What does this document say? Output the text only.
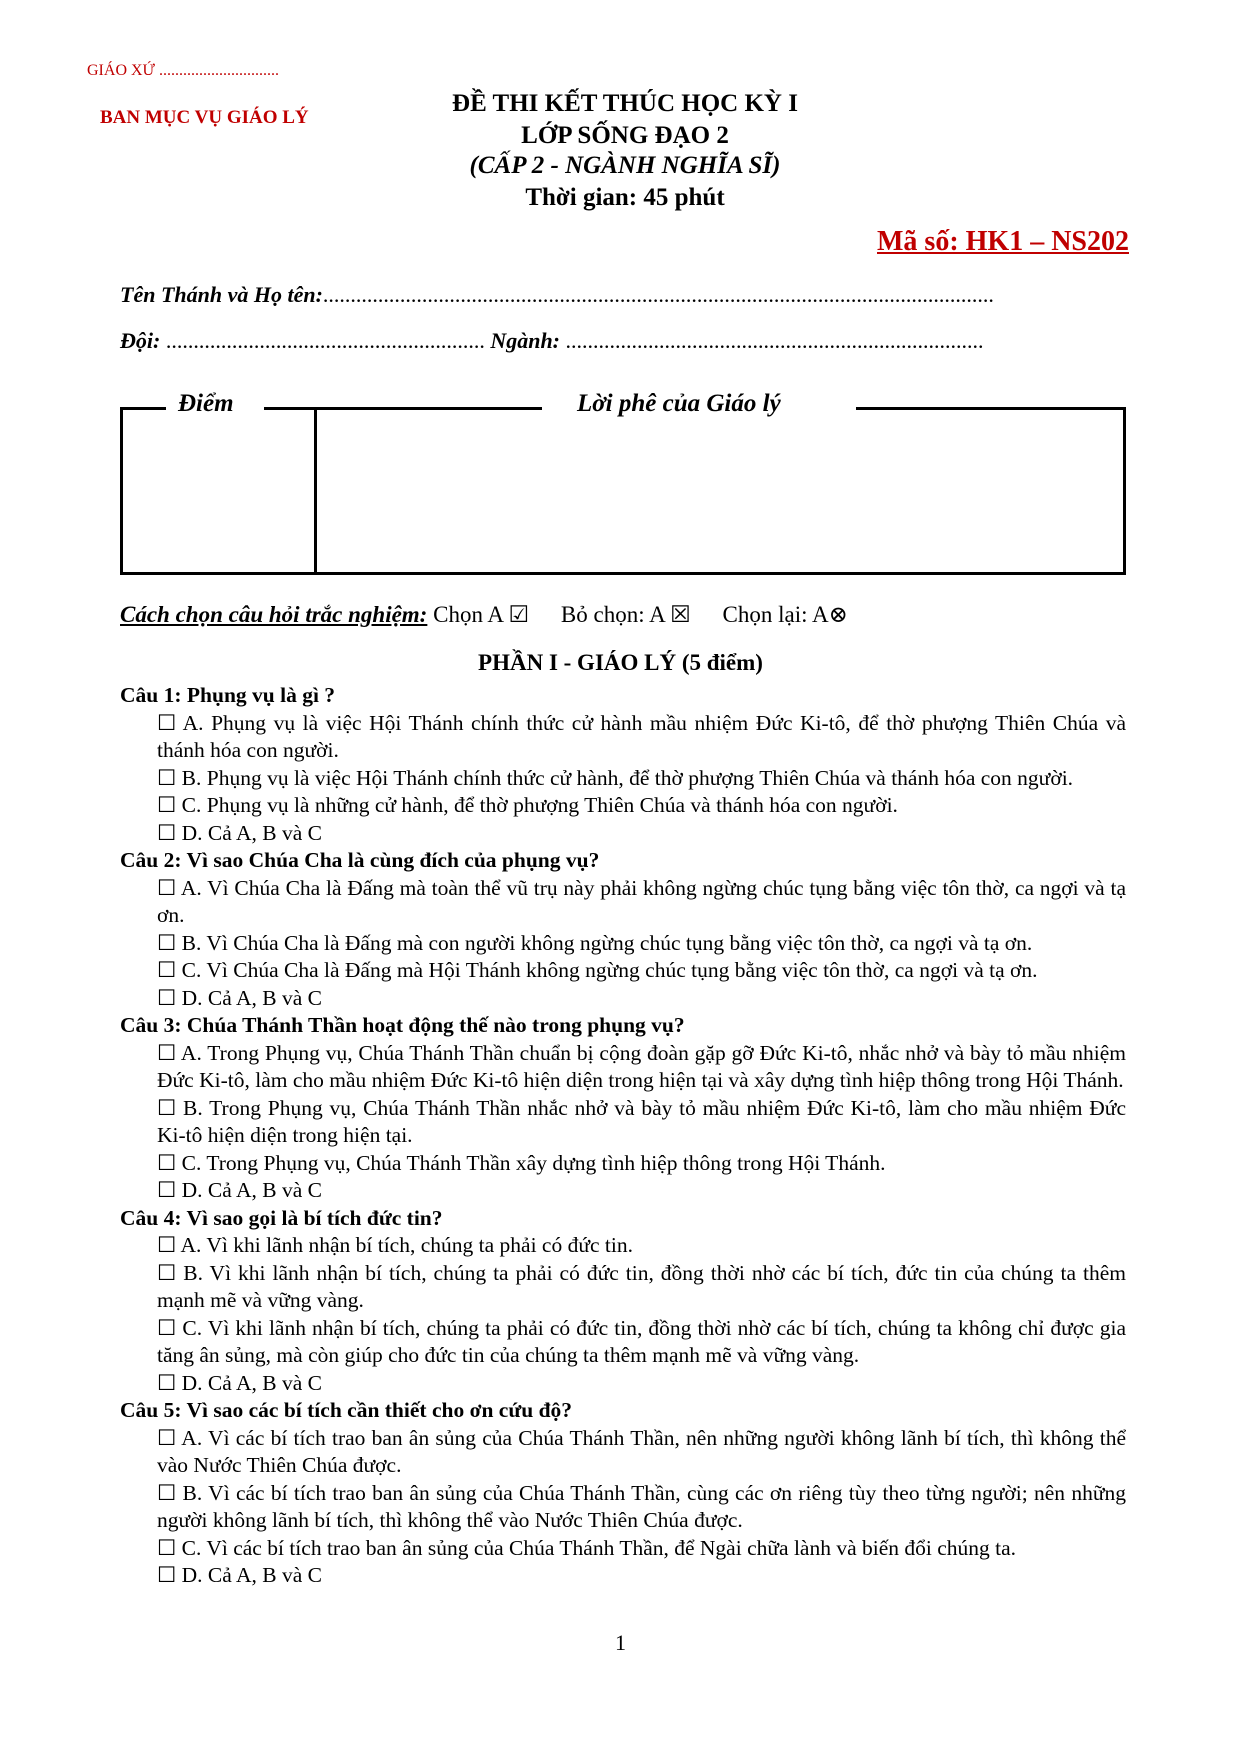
GIÁO XỨ ..............................
BAN MỤC VỤ GIÁO LÝ
ĐỀ THI KẾT THÚC HỌC KỲ I
LỚP SỐNG ĐẠO 2
(CẤP 2 - NGÀNH NGHĨA SĨ)
Thời gian: 45 phút
Mã số: HK1 – NS202
Tên Thánh và Họ tên:..........................................................................................................................
Đội: .......................................................... Ngành: ............................................................................
Điểm	Lời phê của Giáo lý
Cách chọn câu hỏi trắc nghiệm: Chọn A ☑ Bỏ chọn: A ☒ Chọn lại: A⊗
PHẦN I - GIÁO LÝ (5 điểm)
Câu 1: Phụng vụ là gì ?
☐ A. Phụng vụ là việc Hội Thánh chính thức cử hành mầu nhiệm Đức Ki-tô, để thờ phượng Thiên Chúa và thánh hóa con người.
☐ B. Phụng vụ là việc Hội Thánh chính thức cử hành, để thờ phượng Thiên Chúa và thánh hóa con người.
☐ C. Phụng vụ là những cử hành, để thờ phượng Thiên Chúa và thánh hóa con người.
☐ D. Cả A, B và C
Câu 2: Vì sao Chúa Cha là cùng đích của phụng vụ?
☐ A. Vì Chúa Cha là Đấng mà toàn thể vũ trụ này phải không ngừng chúc tụng bằng việc tôn thờ, ca ngợi và tạ ơn.
☐ B. Vì Chúa Cha là Đấng mà con người không ngừng chúc tụng bằng việc tôn thờ, ca ngợi và tạ ơn.
☐ C. Vì Chúa Cha là Đấng mà Hội Thánh không ngừng chúc tụng bằng việc tôn thờ, ca ngợi và tạ ơn.
☐ D. Cả A, B và C
Câu 3: Chúa Thánh Thần hoạt động thế nào trong phụng vụ?
☐ A. Trong Phụng vụ, Chúa Thánh Thần chuẩn bị cộng đoàn gặp gỡ Đức Ki-tô, nhắc nhở và bày tỏ mầu nhiệm Đức Ki-tô, làm cho mầu nhiệm Đức Ki-tô hiện diện trong hiện tại và xây dựng tình hiệp thông trong Hội Thánh.
☐ B. Trong Phụng vụ, Chúa Thánh Thần nhắc nhở và bày tỏ mầu nhiệm Đức Ki-tô, làm cho mầu nhiệm Đức Ki-tô hiện diện trong hiện tại.
☐ C. Trong Phụng vụ, Chúa Thánh Thần xây dựng tình hiệp thông trong Hội Thánh.
☐ D. Cả A, B và C
Câu 4: Vì sao gọi là bí tích đức tin?
☐ A. Vì khi lãnh nhận bí tích, chúng ta phải có đức tin.
☐ B. Vì khi lãnh nhận bí tích, chúng ta phải có đức tin, đồng thời nhờ các bí tích, đức tin của chúng ta thêm mạnh mẽ và vững vàng.
☐ C. Vì khi lãnh nhận bí tích, chúng ta phải có đức tin, đồng thời nhờ các bí tích, chúng ta không chỉ được gia tăng ân sủng, mà còn giúp cho đức tin của chúng ta thêm mạnh mẽ và vững vàng.
☐ D. Cả A, B và C
Câu 5: Vì sao các bí tích cần thiết cho ơn cứu độ?
☐ A. Vì các bí tích trao ban ân sủng của Chúa Thánh Thần, nên những người không lãnh bí tích, thì không thể vào Nước Thiên Chúa được.
☐ B. Vì các bí tích trao ban ân sủng của Chúa Thánh Thần, cùng các ơn riêng tùy theo từng người; nên những người không lãnh bí tích, thì không thể vào Nước Thiên Chúa được.
☐ C. Vì các bí tích trao ban ân sủng của Chúa Thánh Thần, để Ngài chữa lành và biến đổi chúng ta.
☐ D. Cả A, B và C
1
